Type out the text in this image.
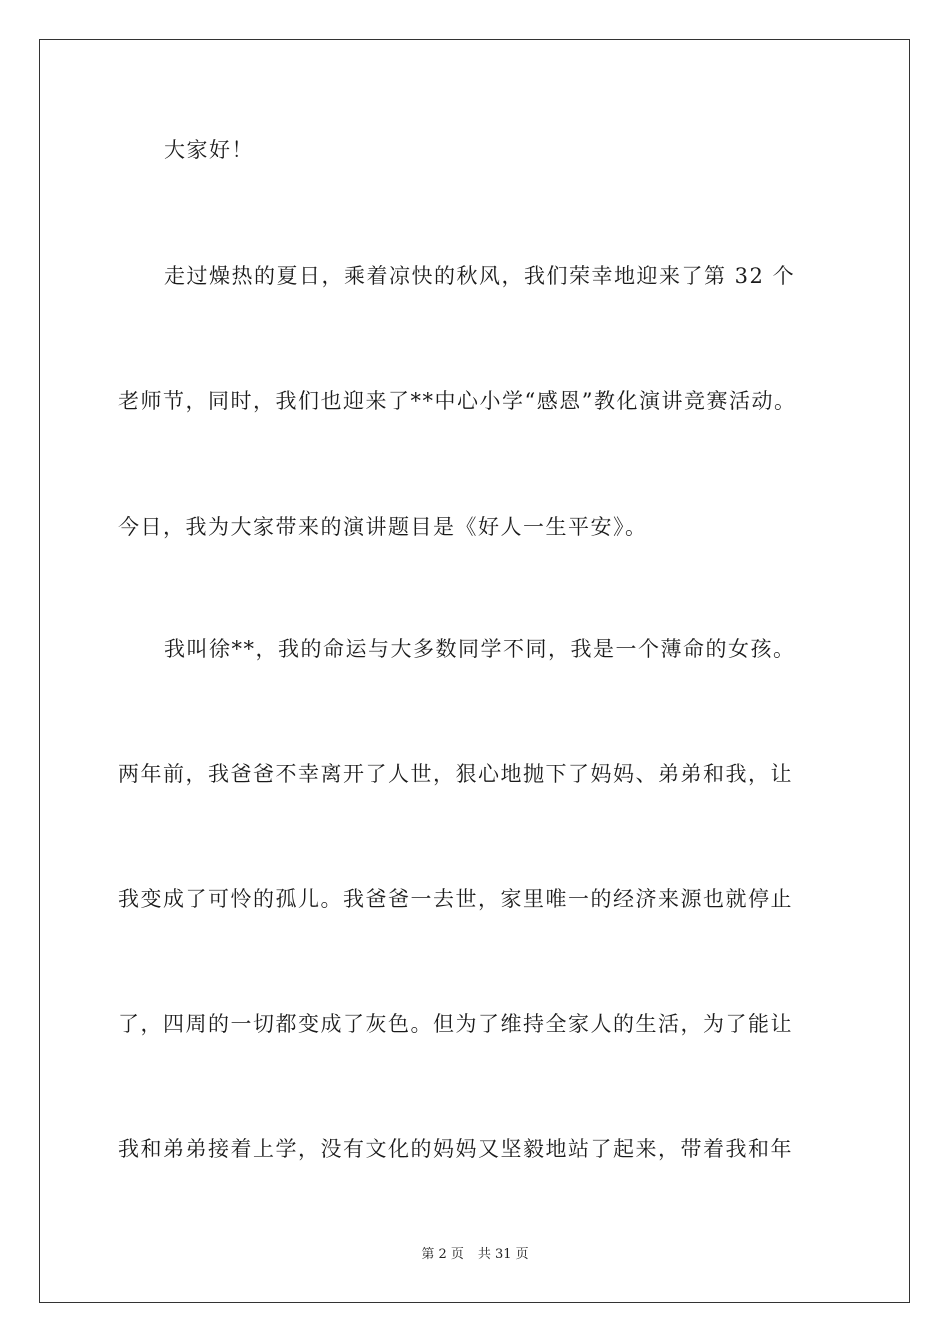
大家好！
走过燥热的夏日，乘着凉快的秋风，我们荣幸地迎来了第 32 个
老师节，同时，我们也迎来了**中心小学“感恩”教化演讲竞赛活动。
今日，我为大家带来的演讲题目是《好人一生平安》。
我叫徐**，我的命运与大多数同学不同，我是一个薄命的女孩。
两年前，我爸爸不幸离开了人世，狠心地抛下了妈妈、弟弟和我，让
我变成了可怜的孤儿。我爸爸一去世，家里唯一的经济来源也就停止
了，四周的一切都变成了灰色。但为了维持全家人的生活，为了能让
我和弟弟接着上学，没有文化的妈妈又坚毅地站了起来，带着我和年
第 2 页 共 31 页
